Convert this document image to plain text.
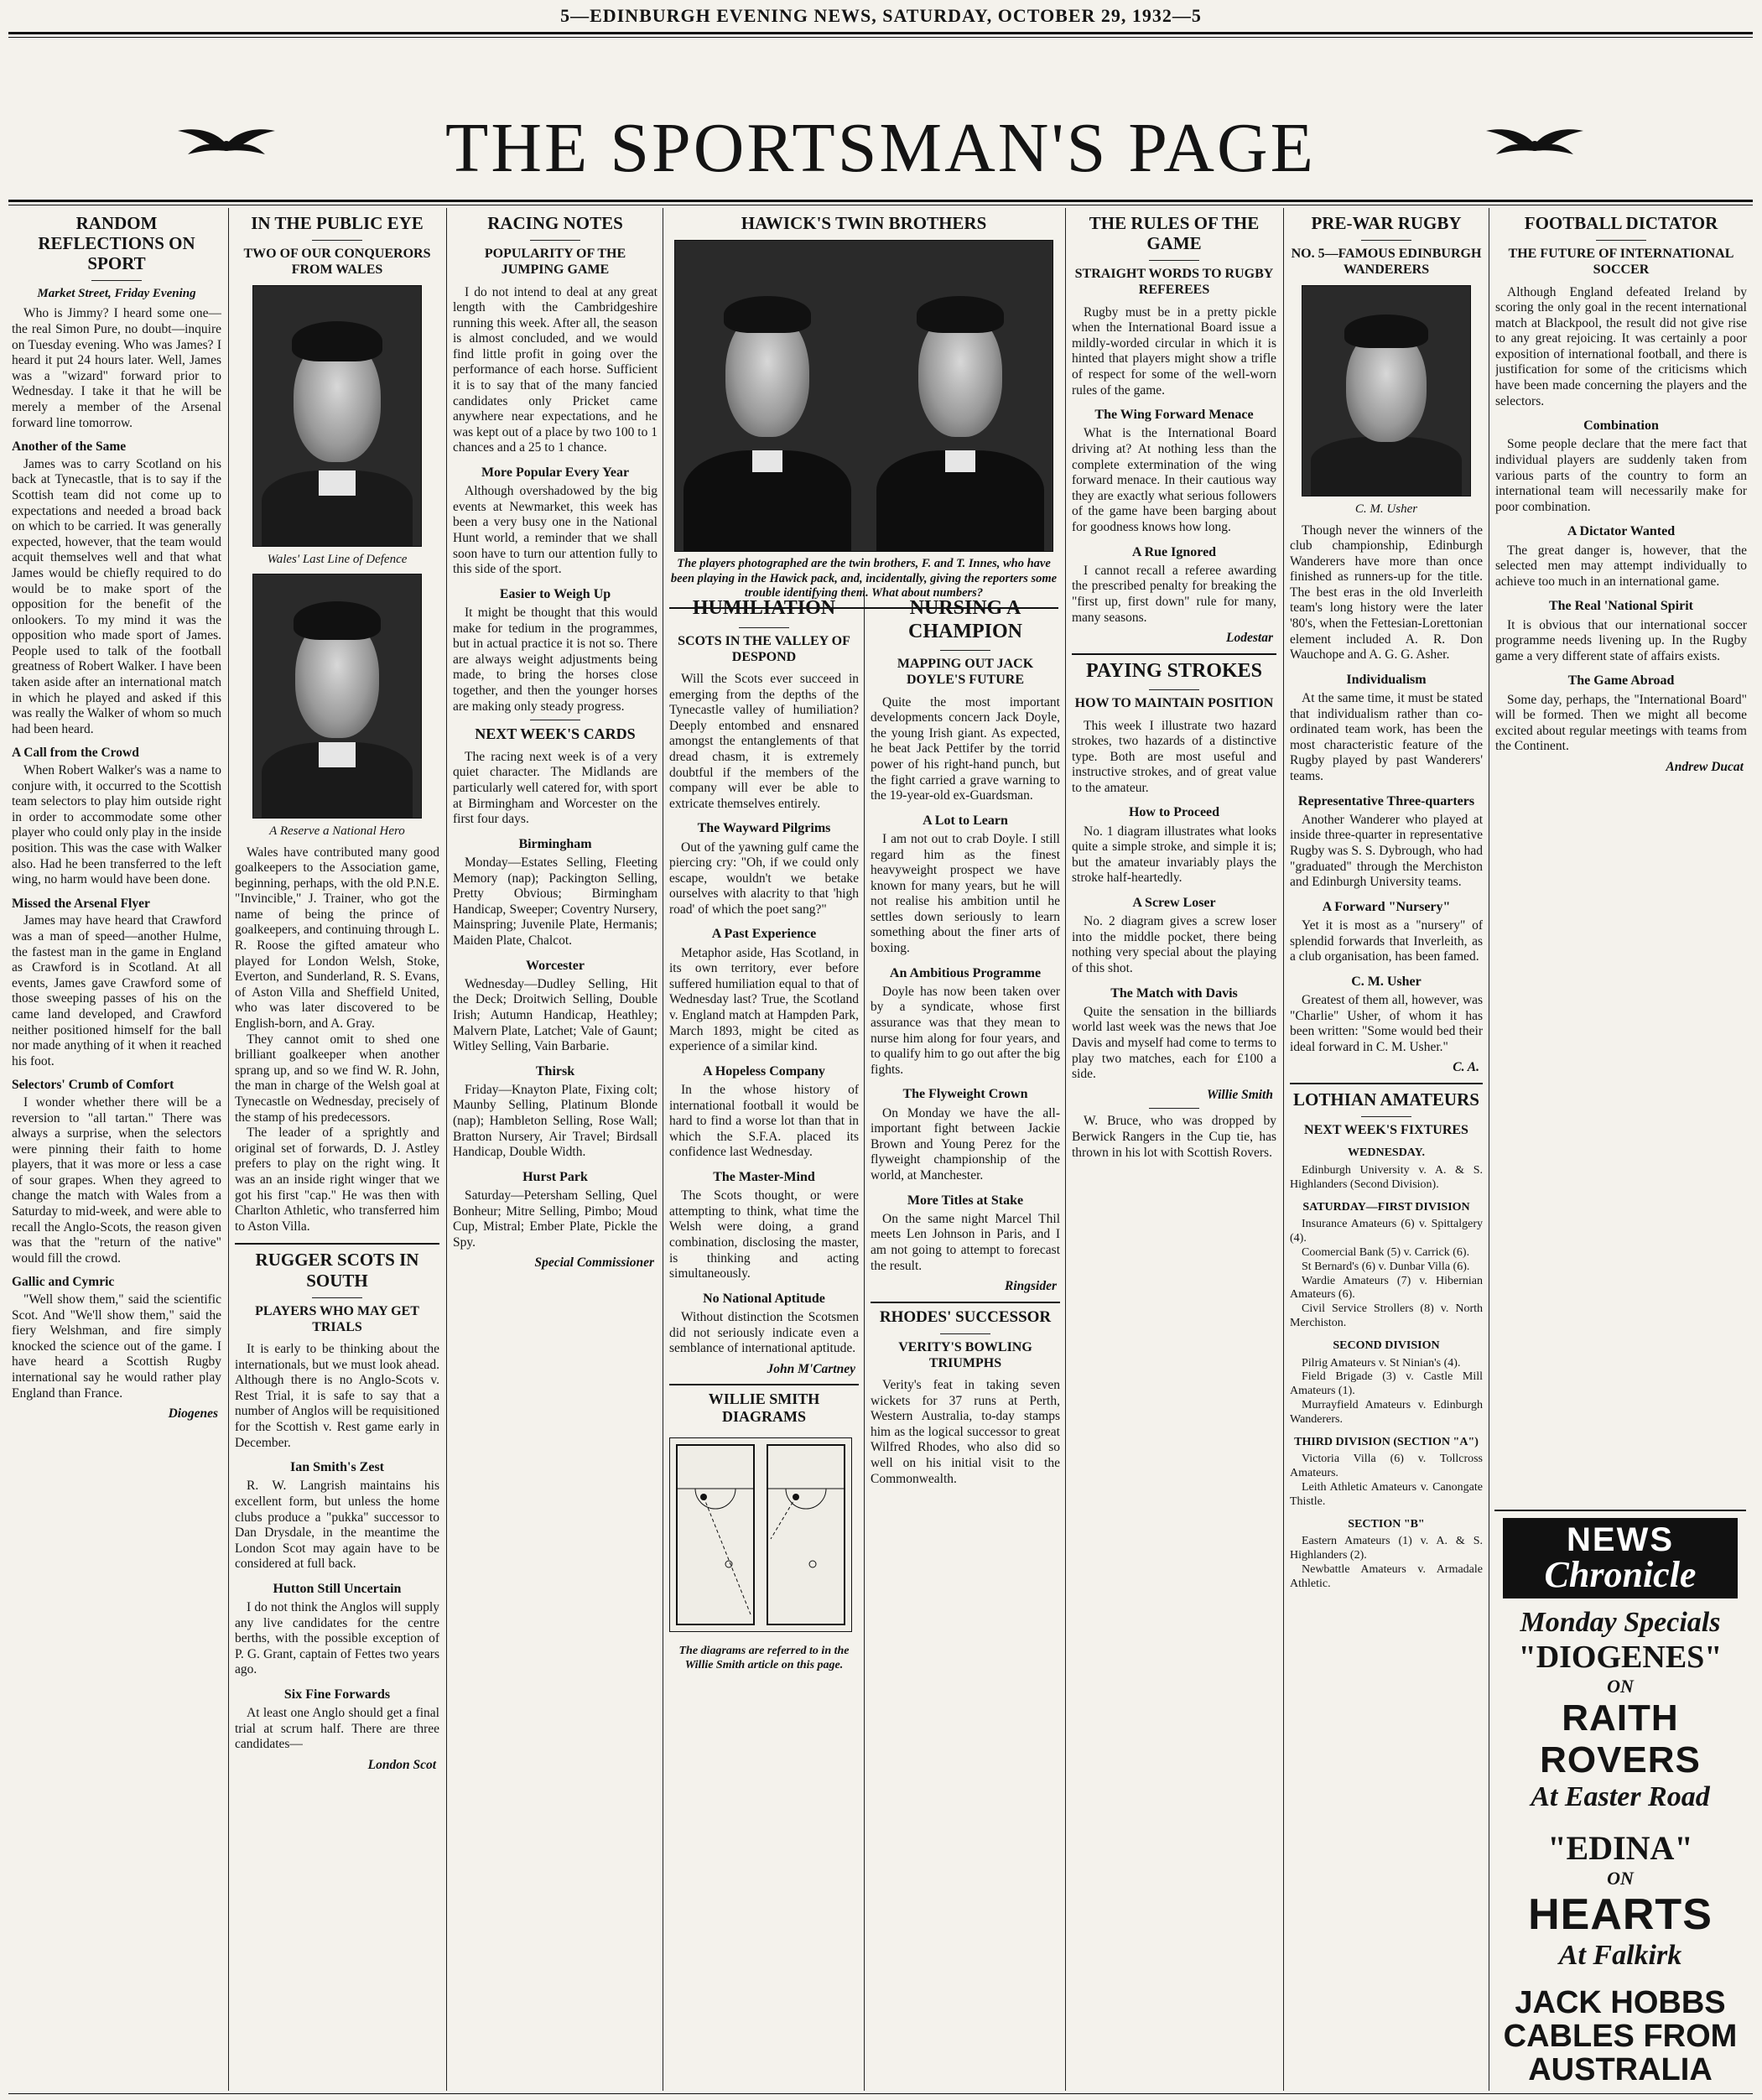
5—EDINBURGH EVENING NEWS, SATURDAY, OCTOBER 29, 1932—5
THE SPORTSMAN'S PAGE
RANDOM REFLECTIONS ON SPORT
Market Street, Friday Evening

Who is Jimmy? I heard some one—the real Simon Pure, no doubt—inquire on Tuesday evening. Who was James? I heard it put 24 hours later. Well, James was a "wizard" forward prior to Wednesday. I take it that he will be merely a member of the Arsenal forward line tomorrow.

Another of the Same

James was to carry Scotland on his back at Tynecastle, that is to say if the Scottish team did not come up to expectations and needed a broad back on which to be carried. It was generally expected, however, that the team would acquit themselves well and that what James would be chiefly required to do would be to make sport of the opposition for the benefit of the onlookers. To my mind it was the opposition who made sport of James. People used to talk of the football greatness of Robert Walker. I have been taken aside after an international match in which he played and asked if this was really the Walker of whom so much had been heard.

A Call from the Crowd

When Robert Walker's was a name to conjure with, it occurred to the Scottish team selectors to play him outside right in order to accommodate some other player who could only play in the inside position. This was the case with Walker also. Had he been transferred to the left wing, no harm would have been done.

Missed the Arsenal Flyer

James may have heard that Crawford was a man of speed—another Hulme, the fastest man in the game in England as Crawford is in Scotland. At all events, James gave Crawford some of those sweeping passes of his on the came land developed, and Crawford neither positioned himself for the ball nor made anything of it when it reached his foot.

Selectors' Crumb of Comfort

I wonder whether there will be a reversion to "all tartan." There was always a surprise, when the selectors were pinning their faith to home players, that it was more or less a case of sour grapes. When they agreed to change the match with Wales from a Saturday to mid-week, and were able to recall the Anglo-Scots, the reason given was that the "return of the native" would fill the crowd.

Gallic and Cymric

"Well show them," said the scientific Scot. And "We'll show them," said the fiery Welshman, and fire simply knocked the science out of the game. I have heard a Scottish Rugby international say he would rather play England than France.

Diogenes
IN THE PUBLIC EYE
TWO OF OUR CONQUERORS FROM WALES
Wales' Last Line of Defence
A Reserve a National Hero

Wales have contributed many good goalkeepers to the Association game, beginning, perhaps, with the old P.N.E. "Invincible," J. Trainer, who got the name of being the prince of goalkeepers, and continuing through L. R. Roose the gifted amateur who played for London Welsh, Stoke, Everton, and Sunderland, R. S. Evans, of Aston Villa and Sheffield United, who was later discovered to be English-born, and A. Gray.

They cannot omit to shed one brilliant goalkeeper when another sprang up, and so we find W. R. John, the man in charge of the Welsh goal at Tynecastle on Wednesday, precisely of the stamp of his predecessors.

The leader of a sprightly and original set of forwards, D. J. Astley prefers to play on the right wing. It was an an inside right winger that we got his first "cap." He was then with Charlton Athletic, who transferred him to Aston Villa.

RUGGER SCOTS IN SOUTH
PLAYERS WHO MAY GET TRIALS

It is early to be thinking about the internationals, but we must look ahead. Although there is no Anglo-Scots v. Rest Trial, it is safe to say that a number of Anglos will be requisitioned for the Scottish v. Rest game early in December.

Ian Smith's Zest

R. W. Langrish maintains his excellent form, but unless the home clubs produce a "pukka" successor to Dan Drysdale, in the meantime the London Scot may again have to be considered at full back.

Hutton Still Uncertain

I do not think the Anglos will supply any live candidates for the centre berths, with the possible exception of P. G. Grant, captain of Fettes two years ago.

Six Fine Forwards

At least one Anglo should get a final trial at scrum half. There are three candidates—

London Scot
RACING NOTES
POPULARITY OF THE JUMPING GAME

I do not intend to deal at any great length with the Cambridgeshire running this week. After all, the season is almost concluded, and we would find little profit in going over the performance of each horse. Sufficient it is to say that of the many fancied candidates only Pricket came anywhere near expectations, and he was kept out of a place by two 100 to 1 chances and a 25 to 1 chance.

More Popular Every Year

Although overshadowed by the big events at Newmarket, this week has been a very busy one in the National Hunt world, a reminder that we shall soon have to turn our attention fully to this side of the sport.

Easier to Weigh Up

It might be thought that this would make for tedium in the programmes, but in actual practice it is not so. There are always weight adjustments being made, to bring the horses close together, and then the younger horses are making only steady progress.

NEXT WEEK'S CARDS

The racing next week is of a very quiet character. The Midlands are particularly well catered for, with sport at Birmingham and Worcester on the first four days.

Birmingham

Monday—Estates Selling, Fleeting Memory (nap); Packington Selling, Pretty Obvious; Birmingham Handicap, Sweeper; Coventry Nursery, Mainspring; Juvenile Plate, Hermanis; Maiden Plate, Chalcot.

Worcester

Wednesday—Dudley Selling, Hit the Deck; Droitwich Selling, Double Irish; Autumn Handicap, Heathley; Malvern Plate, Latchet; Vale of Gaunt; Witley Selling, Vain Barbarie.

Thirsk

Friday—Knayton Plate, Fixing colt; Maunby Selling, Platinum Blonde (nap); Hambleton Selling, Rose Wall; Bratton Nursery, Air Travel; Birdsall Handicap, Double Width.

Hurst Park

Saturday—Petersham Selling, Quel Bonheur; Mitre Selling, Pimbo; Moud Cup, Mistral; Ember Plate, Pickle the Spy.

Special Commissioner
HAWICK'S TWIN BROTHERS
The players photographed are the twin brothers, F. and T. Innes, who have been playing in the Hawick pack, and, incidentally, giving the reporters some trouble identifying them. What about numbers?
HUMILIATION
SCOTS IN THE VALLEY OF DESPOND

Will the Scots ever succeed in emerging from the depths of the Tynecastle valley of humiliation? Deeply entombed and ensnared amongst the entanglements of that dread chasm, it is extremely doubtful if the members of the company will ever be able to extricate themselves entirely.

The Wayward Pilgrims

Out of the yawning gulf came the piercing cry: "Oh, if we could only escape, wouldn't we betake ourselves with alacrity to that 'high road' of which the poet sang?"

A Past Experience

Metaphor aside, Has Scotland, in its own territory, ever before suffered humiliation equal to that of Wednesday last? True, the Scotland v. England match at Hampden Park, March 1893, might be cited as experience of a similar kind.

A Hopeless Company

In the whose history of international football it would be hard to find a worse lot than that in which the S.F.A. placed its confidence last Wednesday.

The Master-Mind

The Scots thought, or were attempting to think, what time the Welsh were doing, a grand combination, disclosing the master, is thinking and acting simultaneously.

No National Aptitude

Without distinction the Scotsmen did not seriously indicate even a semblance of international aptitude.

John M'Cartney
WILLIE SMITH DIAGRAMS
The diagrams are referred to in the Willie Smith article on this page.
NURSING A CHAMPION
MAPPING OUT JACK DOYLE'S FUTURE

Quite the most important developments concern Jack Doyle, the young Irish giant. As expected, he beat Jack Pettifer by the torrid power of his right-hand punch, but the fight carried a grave warning to the 19-year-old ex-Guardsman.

A Lot to Learn

I am not out to crab Doyle. I still regard him as the finest heavyweight prospect we have known for many years, but he will not realise his ambition until he settles down seriously to learn something about the finer arts of boxing.

An Ambitious Programme

Doyle has now been taken over by a syndicate, whose first assurance was that they mean to nurse him along for four years, and to qualify him to go out after the big fights.

The Flyweight Crown

On Monday we have the all-important fight between Jackie Brown and Young Perez for the flyweight championship of the world, at Manchester.

More Titles at Stake

On the same night Marcel Thil meets Len Johnson in Paris, and I am not going to attempt to forecast the result.

Ringsider
RHODES' SUCCESSOR
VERITY'S BOWLING TRIUMPHS

Verity's feat in taking seven wickets for 37 runs at Perth, Western Australia, to-day stamps him as the logical successor to great Wilfred Rhodes, who also did so well on his initial visit to the Commonwealth.

THE RULES OF THE GAME
STRAIGHT WORDS TO RUGBY REFEREES

Rugby must be in a pretty pickle when the International Board issue a mildly-worded circular in which it is hinted that players might show a trifle of respect for some of the well-worn rules of the game.

The Wing Forward Menace

What is the International Board driving at? At nothing less than the complete extermination of the wing forward menace. In their cautious way they are exactly what serious followers of the game have been barging about for goodness knows how long.

A Rue Ignored

I cannot recall a referee awarding the prescribed penalty for breaking the "first up, first down" rule for many, many seasons.

Lodestar
PAYING STROKES
HOW TO MAINTAIN POSITION

This week I illustrate two hazard strokes, two hazards of a distinctive type. Both are most useful and instructive strokes, and of great value to the amateur.

How to Proceed

No. 1 diagram illustrates what looks quite a simple stroke, and simple it is; but the amateur invariably plays the stroke half-heartedly.

A Screw Loser

No. 2 diagram gives a screw loser into the middle pocket, there being nothing very special about the playing of this shot.

The Match with Davis

Quite the sensation in the billiards world last week was the news that Joe Davis and myself had come to terms to play two matches, each for £100 a side.

Willie Smith

W. Bruce, who was dropped by Berwick Rangers in the Cup tie, has thrown in his lot with Scottish Rovers.

PRE-WAR RUGBY
NO. 5—FAMOUS EDINBURGH WANDERERS
C. M. Usher

Though never the winners of the club championship, Edinburgh Wanderers have more than once finished as runners-up for the title. The best eras in the old Inverleith team's long history were the later '80's, when the Fettesian-Lorettonian element included A. R. Don Wauchope and A. G. G. Asher.

Individualism

At the same time, it must be stated that individualism rather than co-ordinated team work, has been the most characteristic feature of the Rugby played by past Wanderers' teams.

Representative Three-quarters

Another Wanderer who played at inside three-quarter in representative Rugby was S. S. Dybrough, who had "graduated" through the Merchiston and Edinburgh University teams.

A Forward "Nursery"

Yet it is most as a "nursery" of splendid forwards that Inverleith, as a club organisation, has been famed.

C. M. Usher

Greatest of them all, however, was "Charlie" Usher, of whom it has been written: "Some would bed their ideal forward in C. M. Usher."

C. A.
LOTHIAN AMATEURS
NEXT WEEK'S FIXTURES
WEDNESDAY.

Edinburgh University v. A. & S. Highlanders (Second Division).

SATURDAY—FIRST DIVISION

Insurance Amateurs (6) v. Spittalgery (4).

Coomercial Bank (5) v. Carrick (6).

St Bernard's (6) v. Dunbar Villa (6).

Wardie Amateurs (7) v. Hibernian Amateurs (6).

Civil Service Strollers (8) v. North Merchiston.

SECOND DIVISION

Pilrig Amateurs v. St Ninian's (4).

Field Brigade (3) v. Castle Mill Amateurs (1).

Murrayfield Amateurs v. Edinburgh Wanderers.

THIRD DIVISION (SECTION "A")

Victoria Villa (6) v. Tollcross Amateurs.

Leith Athletic Amateurs v. Canongate Thistle.

SECTION "B"

Eastern Amateurs (1) v. A. & S. Highlanders (2).

Newbattle Amateurs v. Armadale Athletic.

FOOTBALL DICTATOR
THE FUTURE OF INTERNATIONAL SOCCER

Although England defeated Ireland by scoring the only goal in the recent international match at Blackpool, the result did not give rise to any great rejoicing. It was certainly a poor exposition of international football, and there is justification for some of the criticisms which have been made concerning the players and the selectors.

Combination

Some people declare that the mere fact that individual players are suddenly taken from various parts of the country to form an international team will necessarily make for poor combination.

A Dictator Wanted

The great danger is, however, that the selected men may attempt individually to achieve too much in an international game.

The Real 'National Spirit

It is obvious that our international soccer programme needs livening up. In the Rugby game a very different state of affairs exists.

The Game Abroad

Some day, perhaps, the "International Board" will be formed. Then we might all become excited about regular meetings with teams from the Continent.

Andrew Ducat
NEWS
Chronicle
Monday Specials
"DIOGENES"
ON
RAITH ROVERS
At Easter Road
"EDINA"
ON
HEARTS
At Falkirk
JACK HOBBS CABLES FROM AUSTRALIA
